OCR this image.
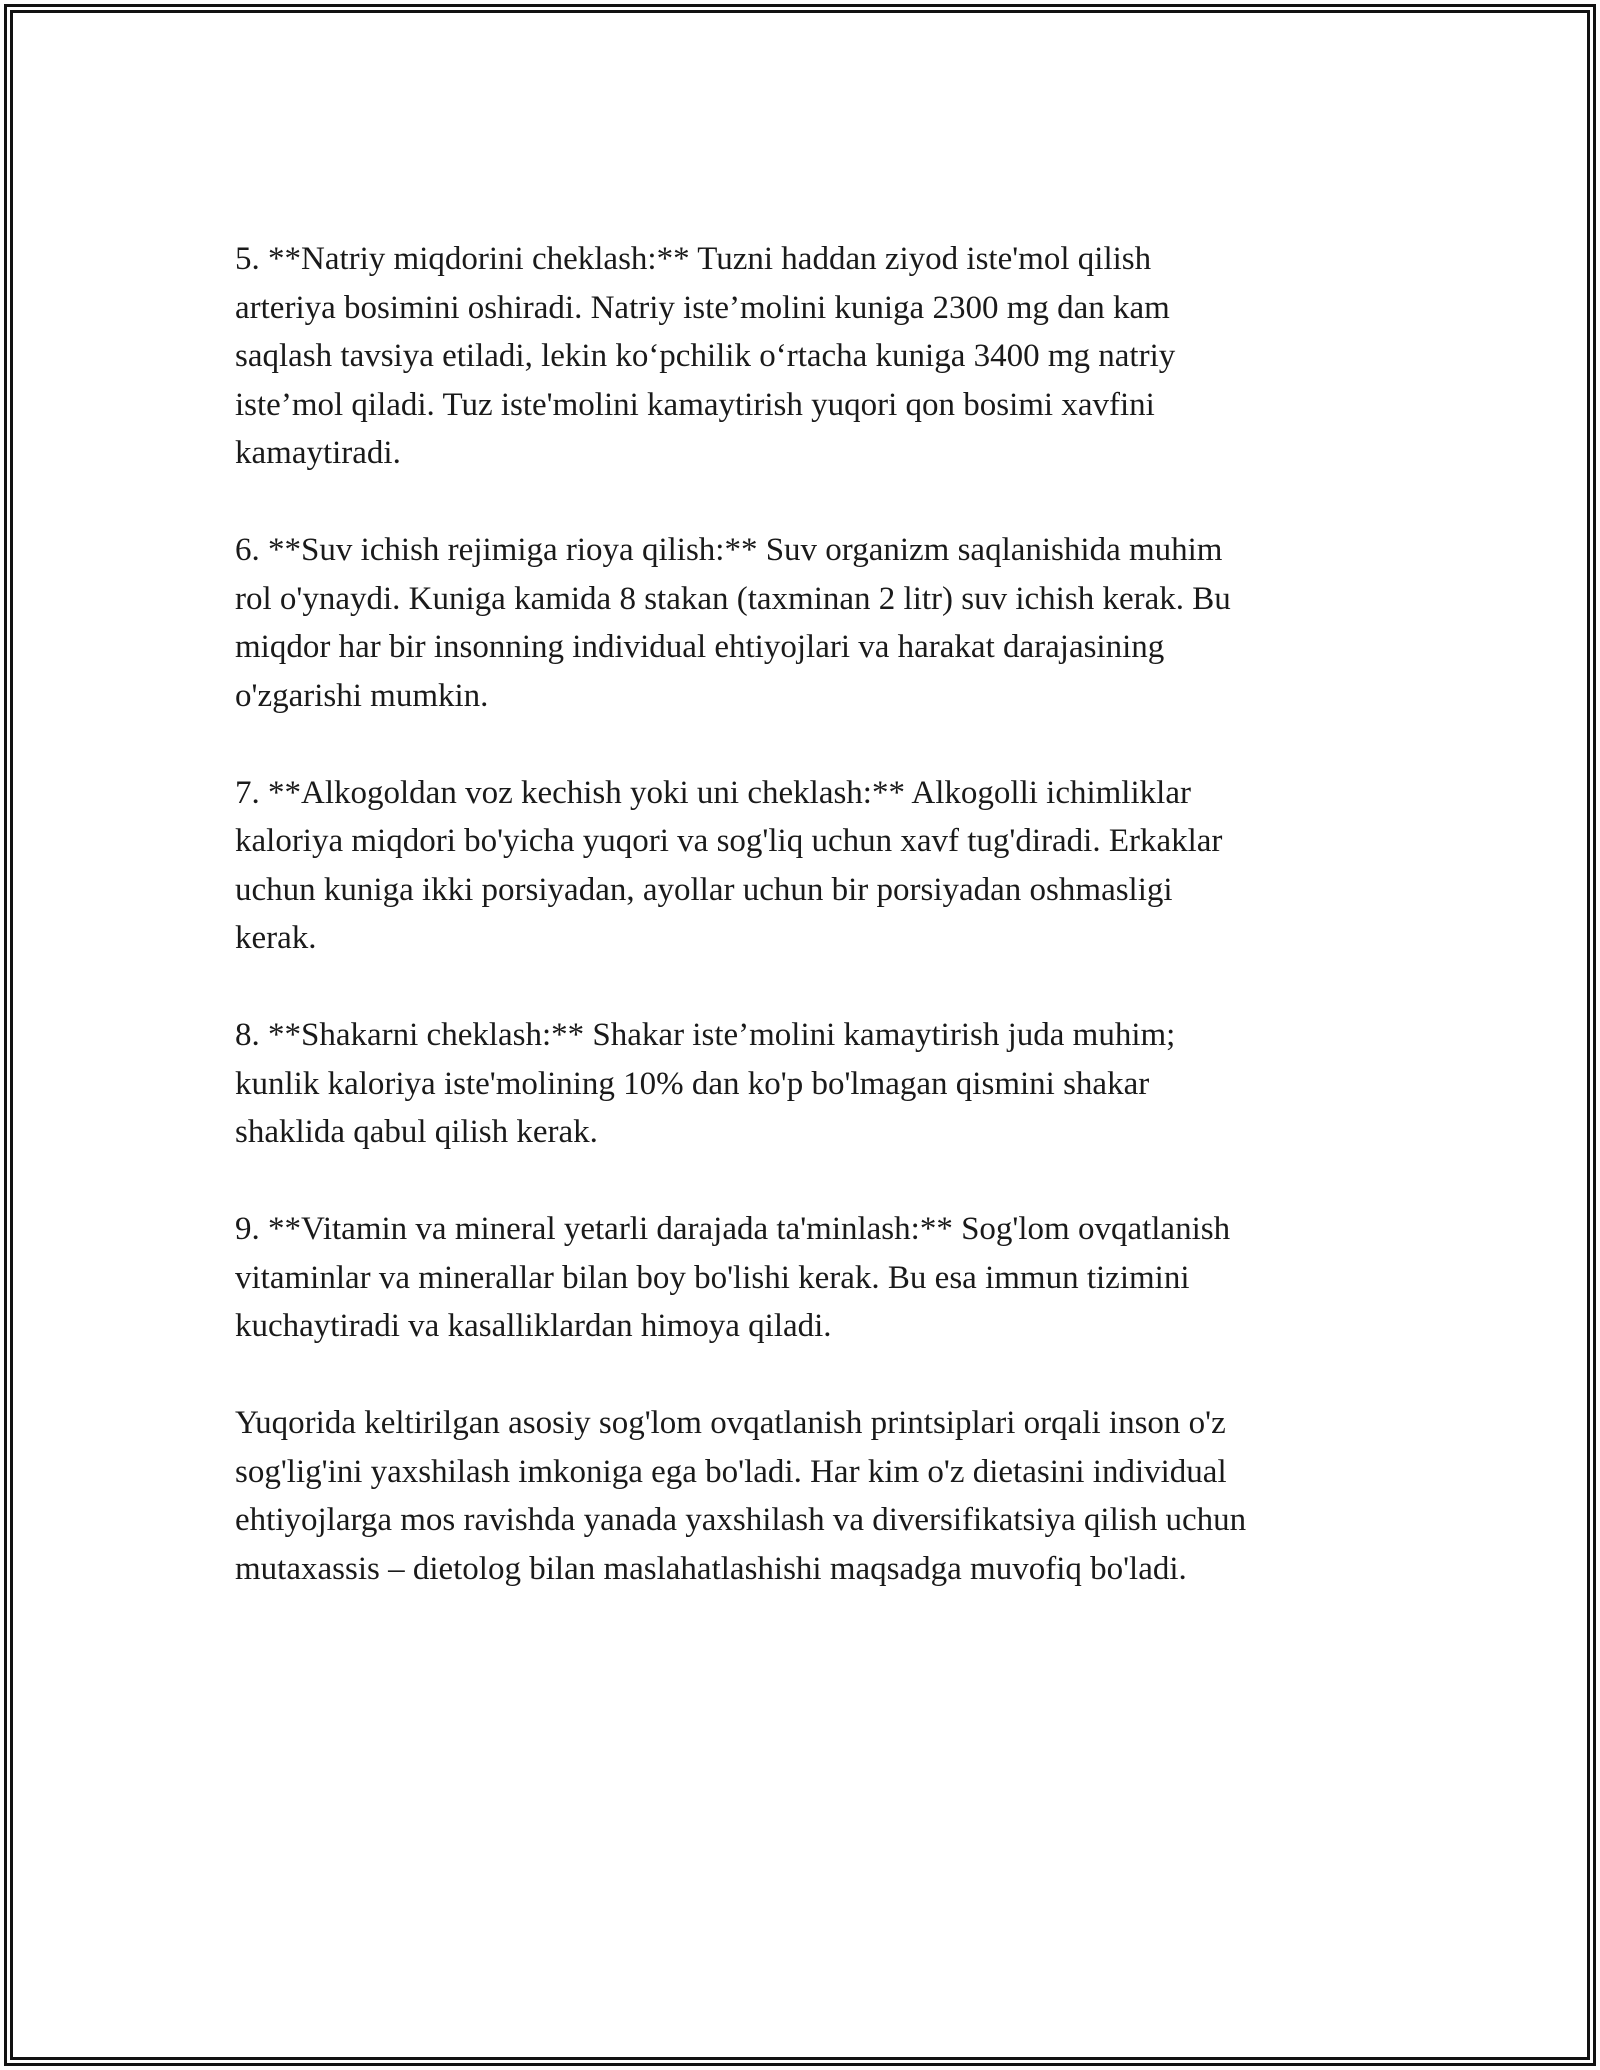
5. **Natriy miqdorini cheklash:** Tuzni haddan ziyod iste'mol qilish
arteriya bosimini oshiradi. Natriy iste’molini kuniga 2300 mg dan kam
saqlash tavsiya etiladi, lekin koʻpchilik oʻrtacha kuniga 3400 mg natriy
iste’mol qiladi. Tuz iste'molini kamaytirish yuqori qon bosimi xavfini
kamaytiradi.

6. **Suv ichish rejimiga rioya qilish:** Suv organizm saqlanishida muhim
rol o'ynaydi. Kuniga kamida 8 stakan (taxminan 2 litr) suv ichish kerak. Bu
miqdor har bir insonning individual ehtiyojlari va harakat darajasining
o'zgarishi mumkin.

7. **Alkogoldan voz kechish yoki uni cheklash:** Alkogolli ichimliklar
kaloriya miqdori bo'yicha yuqori va sog'liq uchun xavf tug'diradi. Erkaklar
uchun kuniga ikki porsiyadan, ayollar uchun bir porsiyadan oshmasligi
kerak.

8. **Shakarni cheklash:** Shakar iste’molini kamaytirish juda muhim;
kunlik kaloriya iste'molining 10% dan ko'p bo'lmagan qismini shakar
shaklida qabul qilish kerak.

9. **Vitamin va mineral yetarli darajada ta'minlash:** Sog'lom ovqatlanish
vitaminlar va minerallar bilan boy bo'lishi kerak. Bu esa immun tizimini
kuchaytiradi va kasalliklardan himoya qiladi.

Yuqorida keltirilgan asosiy sog'lom ovqatlanish printsiplari orqali inson o'z
sog'lig'ini yaxshilash imkoniga ega bo'ladi. Har kim o'z dietasini individual
ehtiyojlarga mos ravishda yanada yaxshilash va diversifikatsiya qilish uchun
mutaxassis – dietolog bilan maslahatlashishi maqsadga muvofiq bo'ladi.
